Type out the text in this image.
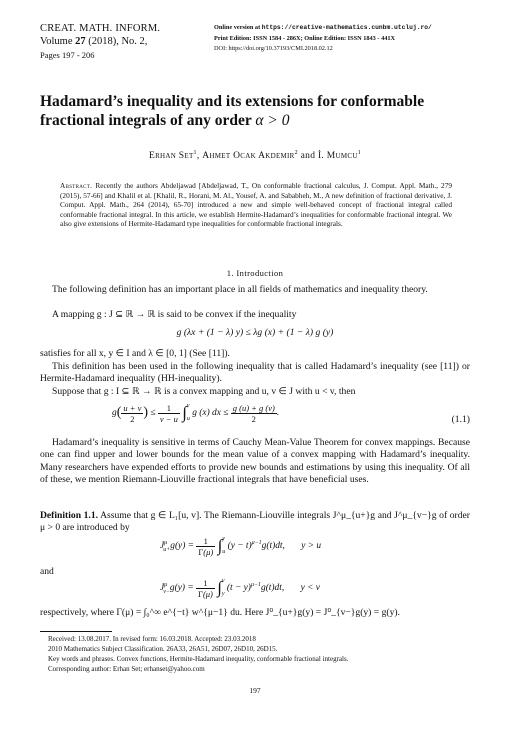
CREAT. MATH. INFORM.
Volume 27 (2018), No. 2,
Pages 197 - 206
Online version at https://creative-mathematics.cunbm.utcluj.ro/
Print Edition: ISSN 1584 - 286X; Online Edition: ISSN 1843 - 441X
DOI: https://doi.org/10.37193/CMI.2018.02.12
Hadamard’s inequality and its extensions for conformable fractional integrals of any order α > 0
Erhan Set$^1$, Ahmet Ocak Akdemir$^2$ and İ. Mumcu$^1$
Abstract. Recently the authors Abdeljawad [Abdeljawad, T., On conformable fractional calculus, J. Comput. Appl. Math., 279 (2015), 57-66] and Khalil et al. [Khalil, R., Horani, M. Al., Yousef, A. and Sababheh, M., A new definition of fractional derivative, J. Comput. Appl. Math., 264 (2014), 65-70] introduced a new and simple well-behaved concept of fractional integral called conformable fractional integral. In this article, we establish Hermite-Hadamard’s inequalities for conformable fractional integral. We also give extensions of Hermite-Hadamard type inequalities for conformable fractional integrals.
1. Introduction
The following definition has an important place in all fields of mathematics and inequality theory.
A mapping g : J ⊆ ℝ → ℝ is said to be convex if the inequality
g (λx + (1 − λ) y) ≤ λg (x) + (1 − λ) g (y)
satisfies for all x, y ∈ I and λ ∈ [0, 1] (See [11]).
This definition has been used in the following inequality that is called Hadamard’s inequality (see [11]) or Hermite-Hadamard inequality (HH-inequality).
Suppose that g : I ⊆ ℝ → ℝ is a convex mapping and u, v ∈ J with u < v, then
$g( \frac{u + v}{2}$ ) ≤ $\frac{1}{v - u} \int v$
u g (x) dx ≤ $\frac{g (u) + g (v)}{2}$ .
(1.1)
Hadamard’s inequality is sensitive in terms of Cauchy Mean-Value Theorem for convex mappings. Because one can find upper and lower bounds for the mean value of a convex mapping with Hadamard’s inequality. Many researchers have expended efforts to provide new bounds and estimations by using this inequality. Of all of these, we mention Riemann-Liouville fractional integrals that have beneficial uses.
Definition 1.1. Assume that g ∈ L₁[u, v]. The Riemann-Liouville integrals J^μ_{u+}g and J^μ_{v−}g of order μ > 0 are introduced by
$J^\mu_{u+}g(y) = \frac{1}{\Gamma(\mu)} \int y$
u $(y - t)^{\mu-1}g(t)dt$,       y > u
and
$J^\mu_{v-}g(y) = \frac{1}{\Gamma(\mu)} \int v$
y $(t - y)^{\mu-1}g(t)dt$,       y < v
respectively, where Γ(μ) = ∫₀^∞ e^{−t} w^{μ−1} du. Here J⁰_{u+}g(y) = J⁰_{v−}g(y) = g(y).
Received: 13.08.2017. In revised form: 16.03.2018. Accepted: 23.03.2018
2010 Mathematics Subject Classification. 26A33, 26A51, 26D07, 26D10, 26D15.
Key words and phrases. Convex functions, Hermite-Hadamard inequality, conformable fractional integrals.
Corresponding author: Erhan Set; erhanset@yahoo.com
197
